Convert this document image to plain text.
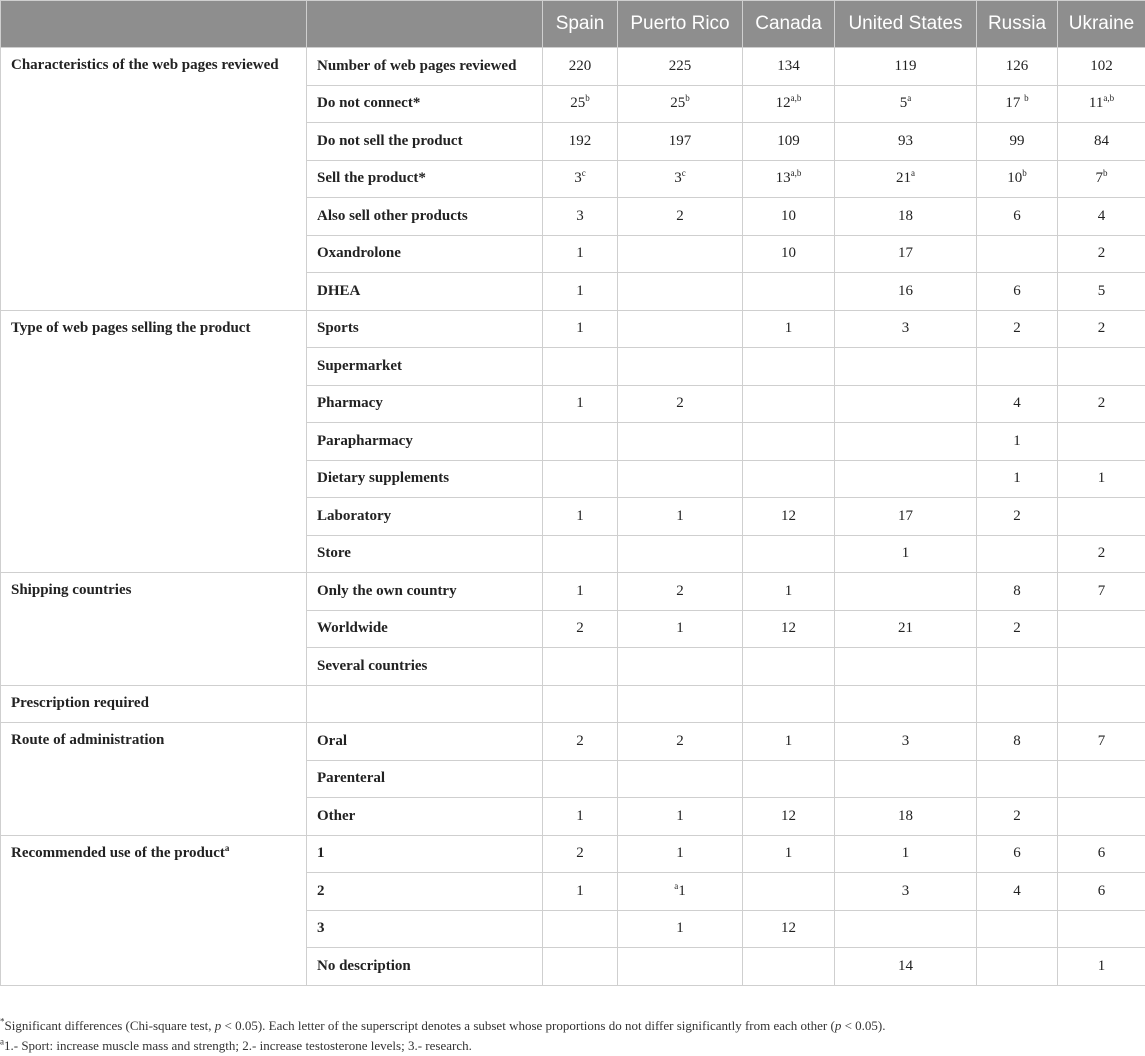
		Spain	Puerto Rico	Canada	United States	Russia	Ukraine
Characteristics of the web pages reviewed	Number of web pages reviewed	220	225	134	119	126	102
	Do not connect*	25$^b$	25$^b$	12$^{a,b}$	5$^a$	17 $^b$	11$^{a,b}$
	Do not sell the product	192	197	109	93	99	84
	Sell the product*	3$^c$	3$^c$	13$^{a,b}$	21$^a$	10$^b$	7$^b$
	Also sell other products	3	2	10	18	6	4
	Oxandrolone	1		10	17		2
	DHEA	1			16	6	5
Type of web pages selling the product	Sports	1		1	3	2	2
	Supermarket						
	Pharmacy	1	2			4	2
	Parapharmacy					1	
	Dietary supplements					1	1
	Laboratory	1	1	12	17	2	
	Store				1		2
Shipping countries	Only the own country	1	2	1		8	7
	Worldwide	2	1	12	21	2	
	Several countries						
Prescription required							
Route of administration	Oral	2	2	1	3	8	7
	Parenteral						
	Other	1	1	12	18	2	
Recommended use of the product$^a$	1	2	1	1	1	6	6
	2	1	$^a$1		3	4	6
	3		1	12			
	No description				14		1
*Significant differences (Chi-square test, p < 0.05). Each letter of the superscript denotes a subset whose proportions do not differ significantly from each other (p < 0.05).
$^a$1.- Sport: increase muscle mass and strength; 2.- increase testosterone levels; 3.- research.
